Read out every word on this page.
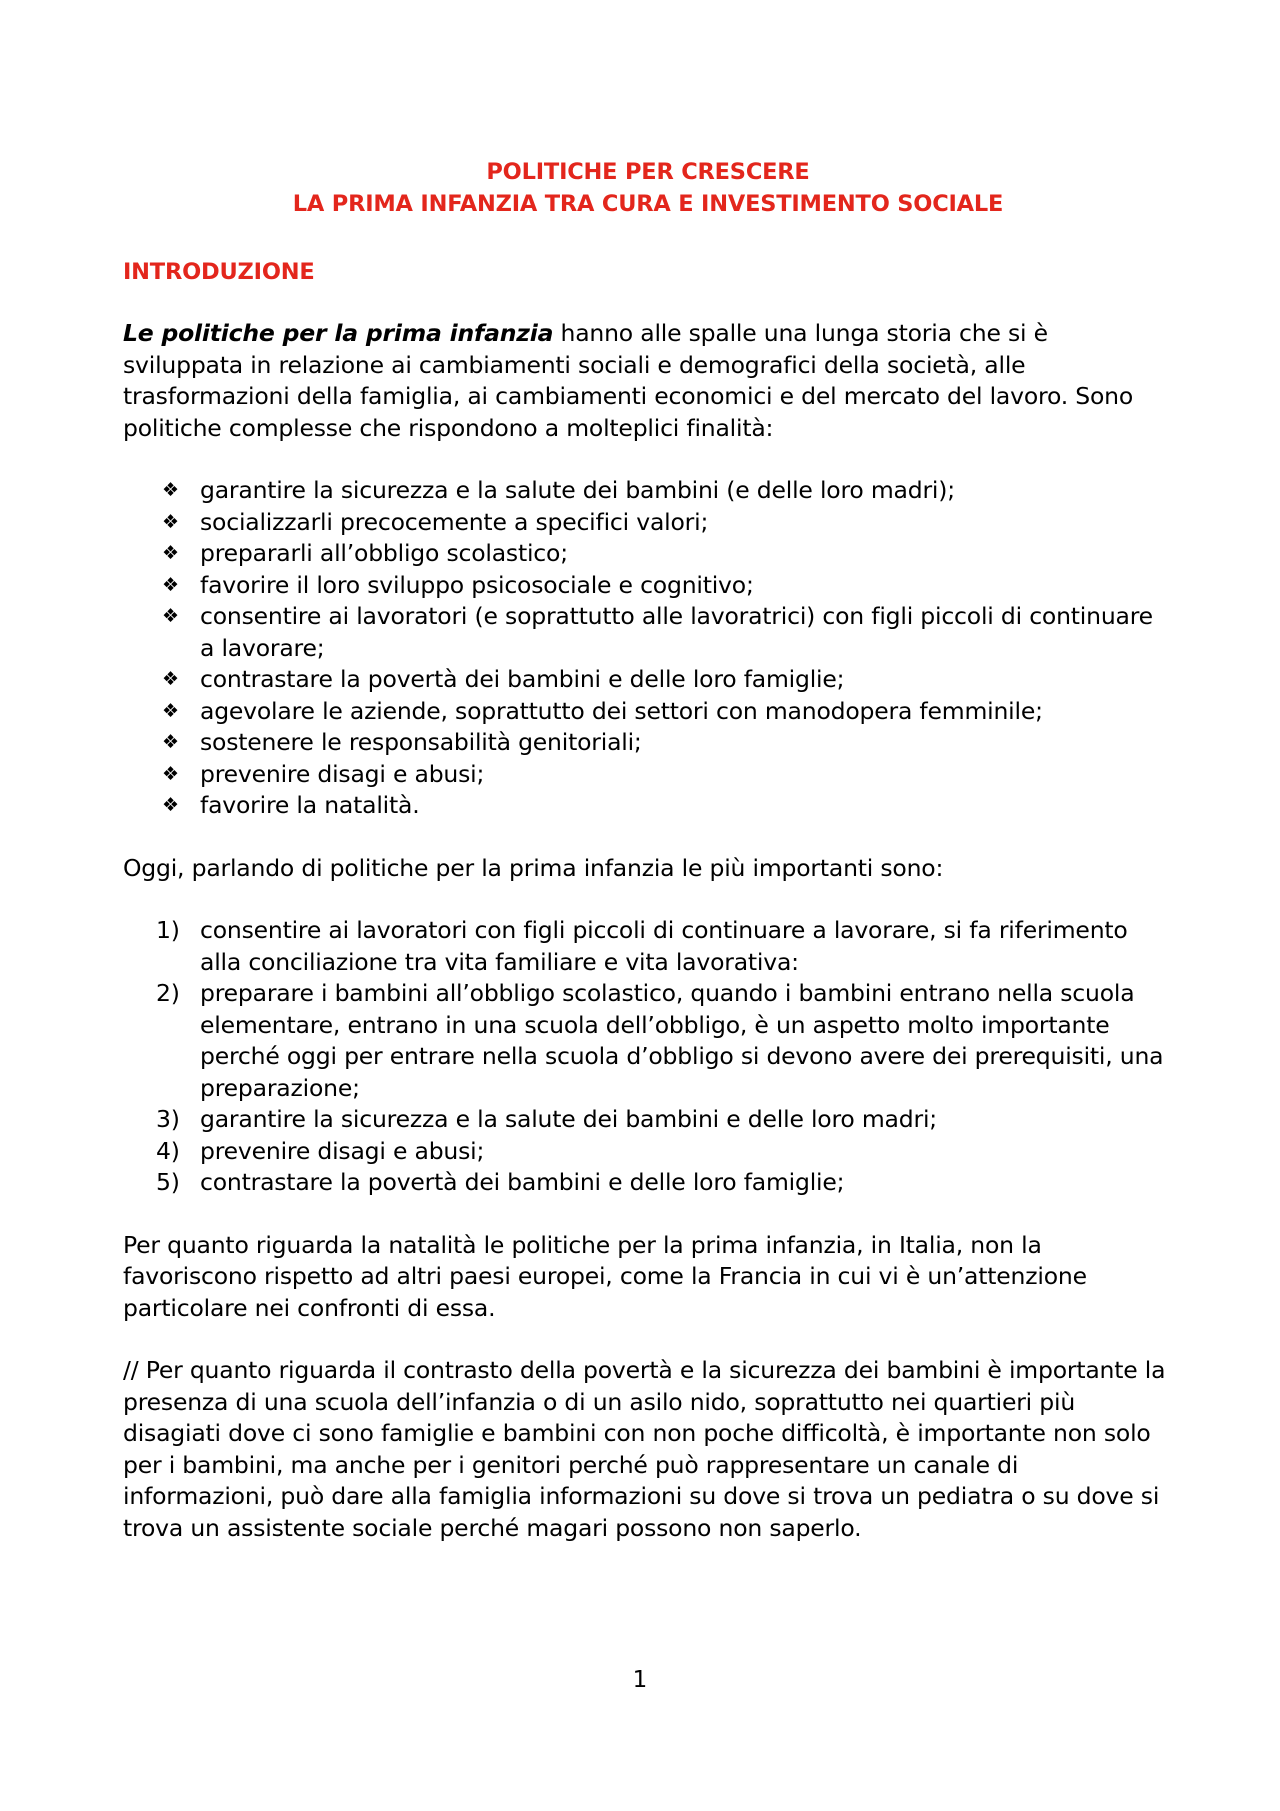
POLITICHE PER CRESCERE
LA PRIMA INFANZIA TRA CURA E INVESTIMENTO SOCIALE
INTRODUZIONE

Le politiche per la prima infanzia hanno alle spalle una lunga storia che si è sviluppata in relazione ai cambiamenti sociali e demografici della società, alle trasformazioni della famiglia, ai cambiamenti economici e del mercato del lavoro. Sono politiche complesse che rispondono a molteplici finalità:

❖ garantire la sicurezza e la salute dei bambini (e delle loro madri);
❖ socializzarli precocemente a specifici valori;
❖ prepararli all’obbligo scolastico;
❖ favorire il loro sviluppo psicosociale e cognitivo;
❖ consentire ai lavoratori (e soprattutto alle lavoratrici) con figli piccoli di continuare a lavorare;
❖ contrastare la povertà dei bambini e delle loro famiglie;
❖ agevolare le aziende, soprattutto dei settori con manodopera femminile;
❖ sostenere le responsabilità genitoriali;
❖ prevenire disagi e abusi;
❖ favorire la natalità.

Oggi, parlando di politiche per la prima infanzia le più importanti sono:

1) consentire ai lavoratori con figli piccoli di continuare a lavorare, si fa riferimento alla conciliazione tra vita familiare e vita lavorativa:
2) preparare i bambini all’obbligo scolastico, quando i bambini entrano nella scuola elementare, entrano in una scuola dell’obbligo, è un aspetto molto importante perché oggi per entrare nella scuola d’obbligo si devono avere dei prerequisiti, una preparazione;
3) garantire la sicurezza e la salute dei bambini e delle loro madri;
4) prevenire disagi e abusi;
5) contrastare la povertà dei bambini e delle loro famiglie;

Per quanto riguarda la natalità le politiche per la prima infanzia, in Italia, non la favoriscono rispetto ad altri paesi europei, come la Francia in cui vi è un’attenzione particolare nei confronti di essa.

// Per quanto riguarda il contrasto della povertà e la sicurezza dei bambini è importante la presenza di una scuola dell’infanzia o di un asilo nido, soprattutto nei quartieri più disagiati dove ci sono famiglie e bambini con non poche difficoltà, è importante non solo per i bambini, ma anche per i genitori perché può rappresentare un canale di informazioni, può dare alla famiglia informazioni su dove si trova un pediatra o su dove si trova un assistente sociale perché magari possono non saperlo.

1
